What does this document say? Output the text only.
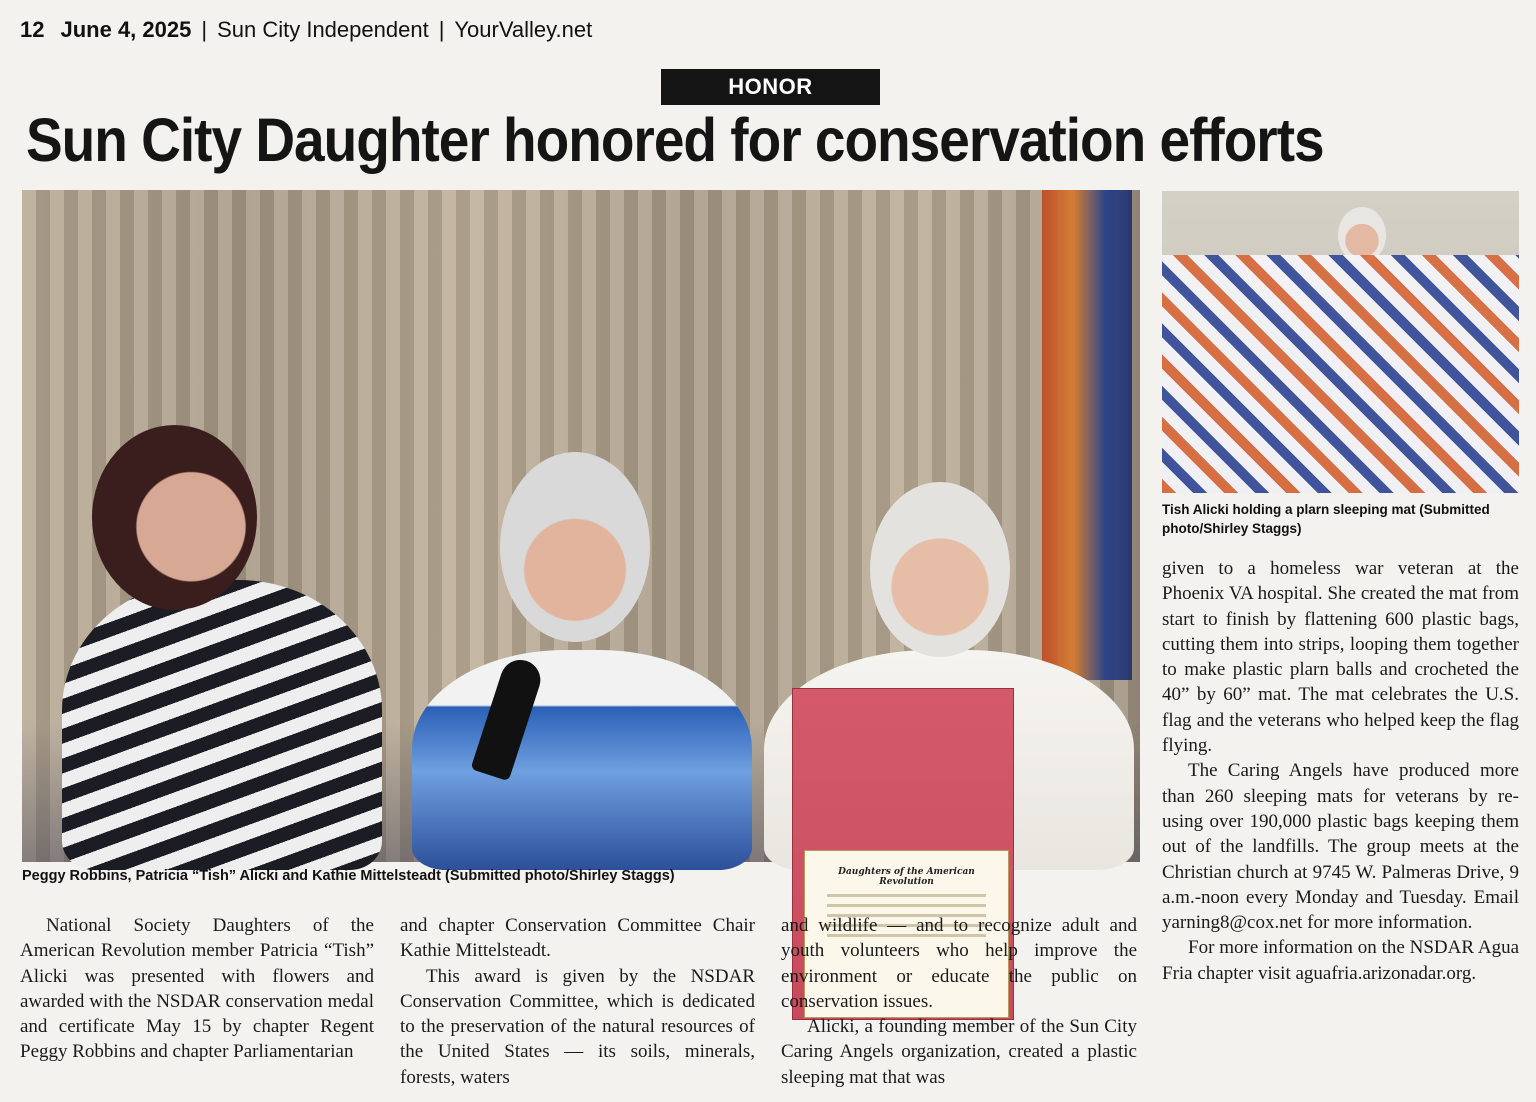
12 June 4, 2025 | Sun City Independent | YourValley.net
HONOR
Sun City Daughter honored for conservation efforts
Daughters of the American Revolution
Peggy Robbins, Patricia “Tish” Alicki and Kathie Mittelsteadt (Submitted photo/Shirley Staggs)
Tish Alicki holding a plarn sleeping mat (Submitted photo/Shirley Staggs)

National Society Daughters of the American Revolution member Patricia “Tish” Alicki was presented with flowers and awarded with the NSDAR conservation medal and certificate May 15 by chapter Regent Peggy Robbins and chapter Parliamentarian

and chapter Conservation Committee Chair Kathie Mittelsteadt.

This award is given by the NSDAR Conservation Committee, which is dedicated to the preservation of the natural resources of the United States — its soils, minerals, forests, waters

and wildlife — and to recognize adult and youth volunteers who help improve the environment or educate the public on conservation issues.

Alicki, a founding member of the Sun City Caring Angels organization, created a plastic sleeping mat that was

given to a homeless war veteran at the Phoenix VA hospital. She created the mat from start to finish by flattening 600 plastic bags, cutting them into strips, looping them together to make plastic plarn balls and crocheted the 40” by 60” mat. The mat celebrates the U.S. flag and the veterans who helped keep the flag flying.

The Caring Angels have produced more than 260 sleeping mats for veterans by re-using over 190,000 plastic bags keeping them out of the landfills. The group meets at the Christian church at 9745 W. Palmeras Drive, 9 a.m.-noon every Monday and Tuesday. Email yarning8@cox.net for more information.

For more information on the NSDAR Agua Fria chapter visit aguafria.arizonadar.org.
